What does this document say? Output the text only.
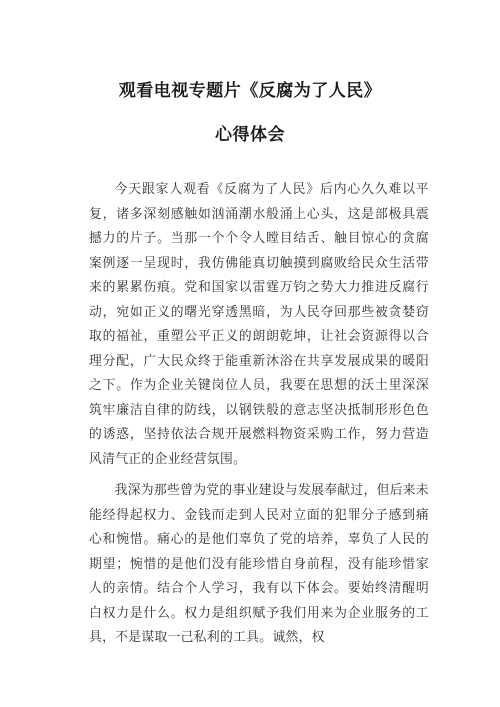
观看电视专题片《反腐为了人民》
心得体会

今天跟家人观看《反腐为了人民》后内心久久难以平复，诸多深刻感触如汹涌潮水般涌上心头，这是部极具震撼力的片子。当那一个个令人瞠目结舌、触目惊心的贪腐案例逐一呈现时，我仿佛能真切触摸到腐败给民众生活带来的累累伤痕。党和国家以雷霆万钧之势大力推进反腐行动，宛如正义的曙光穿透黑暗，为人民夺回那些被贪婪窃取的福祉，重塑公平正义的朗朗乾坤，让社会资源得以合理分配，广大民众终于能重新沐浴在共享发展成果的暖阳之下。作为企业关键岗位人员，我要在思想的沃土里深深筑牢廉洁自律的防线，以钢铁般的意志坚决抵制形形色色的诱惑，坚持依法合规开展燃料物资采购工作，努力营造风清气正的企业经营氛围。

我深为那些曾为党的事业建设与发展奉献过，但后来未能经得起权力、金钱而走到人民对立面的犯罪分子感到痛心和惋惜。痛心的是他们辜负了党的培养，辜负了人民的期望；惋惜的是他们没有能珍惜自身前程，没有能珍惜家人的亲情。结合个人学习，我有以下体会。要始终清醒明白权力是什么。权力是组织赋予我们用来为企业服务的工具，不是谋取一己私利的工具。诚然，权
